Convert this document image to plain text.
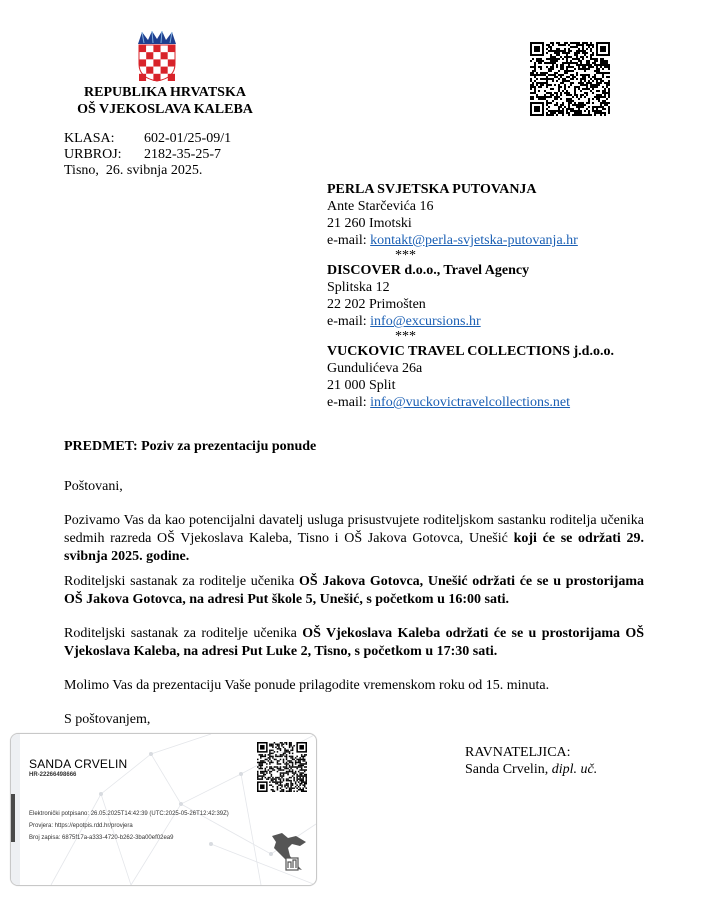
REPUBLIKA HRVATSKA
OŠ VJEKOSLAVA KALEBA
KLASA:	602-01/25-09/1
URBROJ:	2182-35-25-7
Tisno,  26. svibnja 2025.
PERLA SVJETSKA PUTOVANJA
Ante Starčevića 16
21 260 Imotski
e-mail: kontakt@perla-svjetska-putovanja.hr
***
DISCOVER d.o.o., Travel Agency
Splitska 12
22 202 Primošten
e-mail: info@excursions.hr
***
VUCKOVIC TRAVEL COLLECTIONS j.d.o.o.
Gundulićeva 26a
21 000 Split
e-mail: info@vuckovictravelcollections.net
PREDMET: Poziv za prezentaciju ponude
Poštovani,
Pozivamo Vas da kao potencijalni davatelj usluga prisustvujete roditeljskom sastanku roditelja učenika sedmih razreda OŠ Vjekoslava Kaleba, Tisno i OŠ Jakova Gotovca, Unešić koji će se održati 29. svibnja 2025. godine.
Roditeljski sastanak za roditelje učenika OŠ Jakova Gotovca, Unešić održati će se u prostorijama OŠ Jakova Gotovca, na adresi Put škole 5, Unešić, s početkom u 16:00 sati.
Roditeljski sastanak za roditelje učenika OŠ Vjekoslava Kaleba održati će se u prostorijama OŠ Vjekoslava Kaleba, na adresi Put Luke 2, Tisno, s početkom u 17:30 sati.
Molimo Vas da prezentaciju Vaše ponude prilagodite vremenskom roku od 15. minuta.
S poštovanjem,
RAVNATELJICA:
Sanda Crvelin, dipl. uč.
SANDA CRVELIN
HR-22266498666
Elektronički potpisano: 26.05.2025T14:42:39 (UTC:2025-05-26T12:42:39Z)
Provjera: https://epotpis.rdd.hr/provjera
Broj zapisa: 6875f17a-a333-4720-b262-3ba00ef02ea9
